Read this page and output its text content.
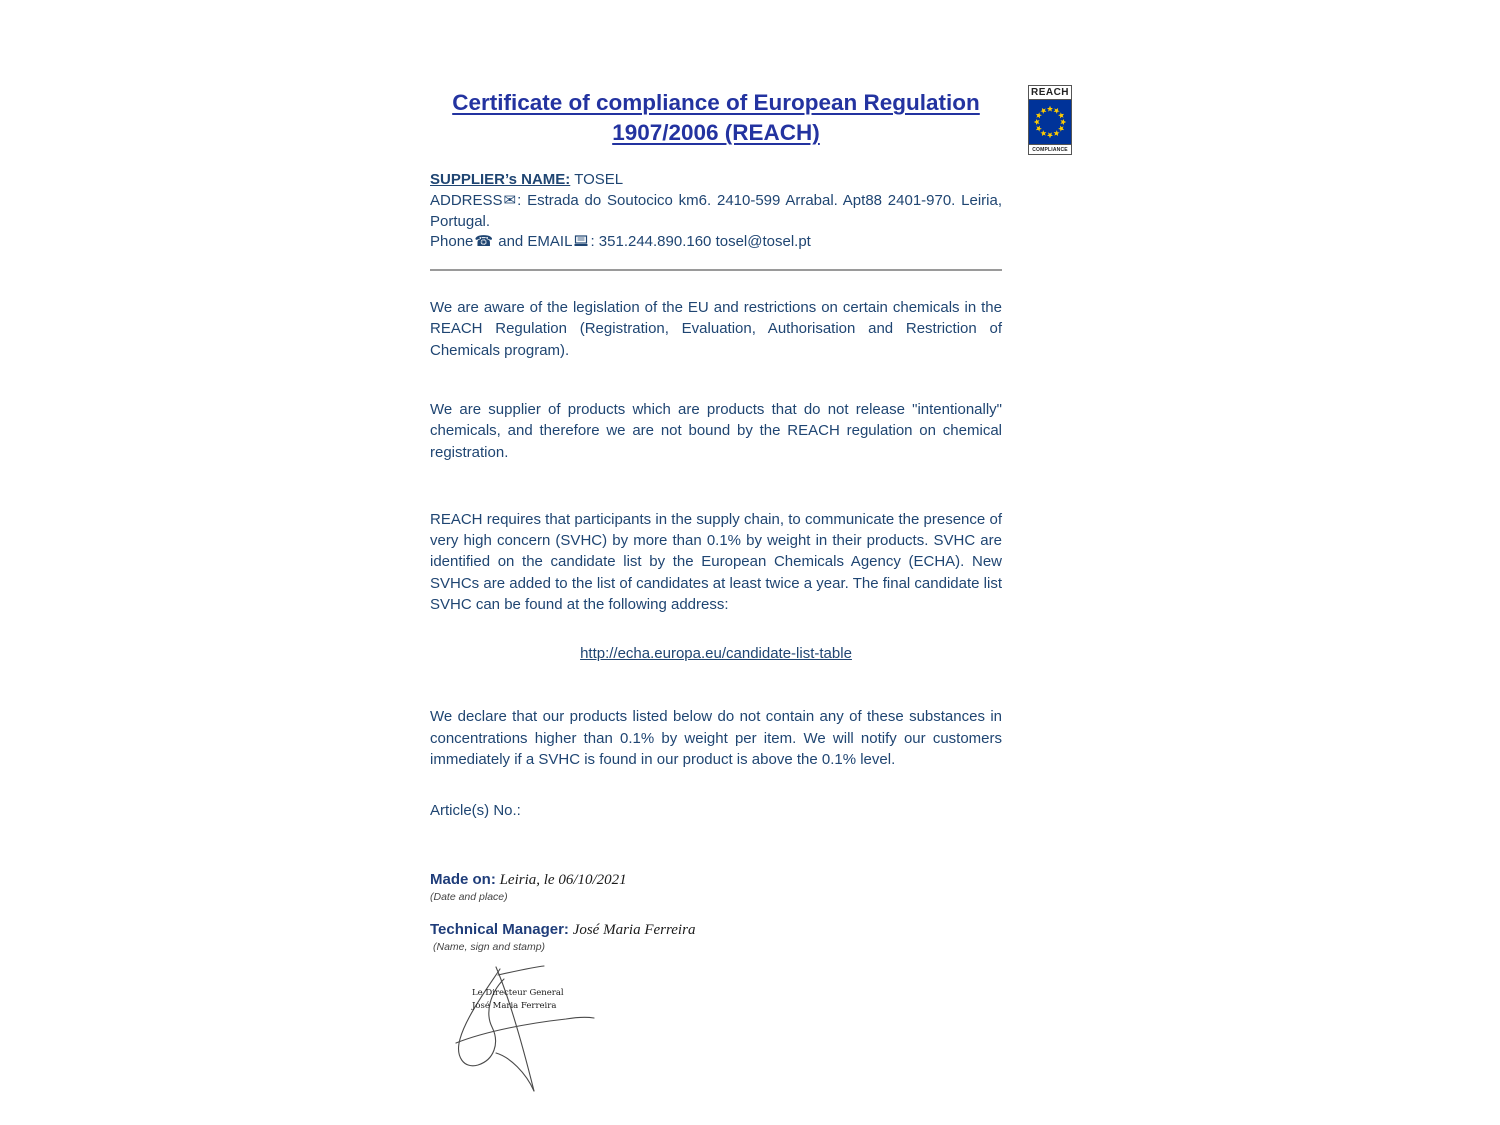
REACH
COMPLIANCE
Certificate of compliance of European Regulation
1907/2006 (REACH)
SUPPLIER’s NAME: TOSEL
ADDRESS✉: Estrada do Soutocico km6. 2410-599 Arrabal. Apt88 2401-970. Leiria, Portugal.
Phone☎ and EMAIL : 351.244.890.160 tosel@tosel.pt

We are aware of the legislation of the EU and restrictions on certain chemicals in the REACH Regulation (Registration, Evaluation, Authorisation and Restriction of Chemicals program).

We are supplier of products which are products that do not release "intentionally" chemicals, and therefore we are not bound by the REACH regulation on chemical registration.

REACH requires that participants in the supply chain, to communicate the presence of very high concern (SVHC) by more than 0.1% by weight in their products. SVHC are identified on the candidate list by the European Chemicals Agency (ECHA). New SVHCs are added to the list of candidates at least twice a year. The final candidate list SVHC can be found at the following address:

http://echa.europa.eu/candidate-list-table

We declare that our products listed below do not contain any of these substances in concentrations higher than 0.1% by weight per item. We will notify our customers immediately if a SVHC is found in our product is above the 0.1% level.

Article(s) No.:

Made on: Leiria, le 06/10/2021
(Date and place)
Technical Manager: José Maria Ferreira
(Name, sign and stamp)
Le Directeur General
José Maria Ferreira
